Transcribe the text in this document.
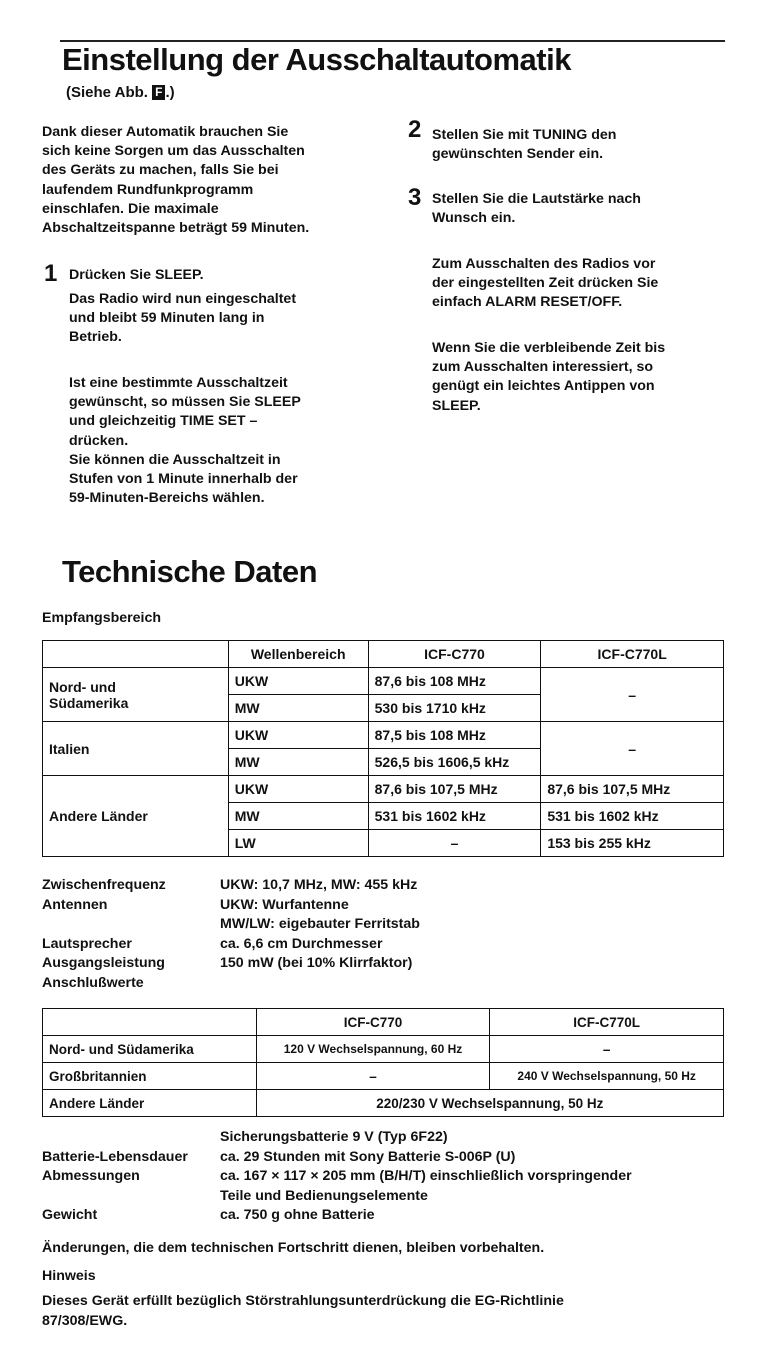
Einstellung der Ausschaltautomatik
(Siehe Abb. F .)
Dank dieser Automatik brauchen Sie
sich keine Sorgen um das Ausschalten
des Geräts zu machen, falls Sie bei
laufendem Rundfunkprogramm
einschlafen. Die maximale
Abschaltzeitspanne beträgt 59 Minuten.
1 Drücken Sie SLEEP.
Das Radio wird nun eingeschaltet
und bleibt 59 Minuten lang in
Betrieb.
Ist eine bestimmte Ausschaltzeit
gewünscht, so müssen Sie SLEEP
und gleichzeitig TIME SET –
drücken.
Sie können die Ausschaltzeit in
Stufen von 1 Minute innerhalb der
59-Minuten-Bereichs wählen.
2 Stellen Sie mit TUNING den
gewünschten Sender ein.
3 Stellen Sie die Lautstärke nach
Wunsch ein.
Zum Ausschalten des Radios vor
der eingestellten Zeit drücken Sie
einfach ALARM RESET/OFF.
Wenn Sie die verbleibende Zeit bis
zum Ausschalten interessiert, so
genügt ein leichtes Antippen von
SLEEP.
Technische Daten
Empfangsbereich
	Wellenbereich	ICF-C770	ICF-C770L

Nord- und
Südamerika	UKW	87,6 bis 108 MHz	–
	MW	530 bis 1710 kHz	
Italien	UKW	87,5 bis 108 MHz	–
	MW	526,5 bis 1606,5 kHz	
Andere Länder	UKW	87,6 bis 107,5 MHz	87,6 bis 107,5 MHz
	MW	531 bis 1602 kHz	531 bis 1602 kHz
	LW	–	153 bis 255 kHz
Zwischenfrequenz	UKW: 10,7 MHz, MW: 455 kHz
Antennen	UKW: Wurfantenne
MW/LW: eigebauter Ferritstab
Lautsprecher	ca. 6,6 cm Durchmesser
Ausgangsleistung	150 mW (bei 10% Klirrfaktor)
Anschlußwerte
	ICF-C770	ICF-C770L
Nord- und Südamerika	120 V Wechselspannung, 60 Hz	–
Großbritannien	–	240 V Wechselspannung, 50 Hz
Andere Länder	220/230 V Wechselspannung, 50 Hz	
Sicherungsbatterie 9 V (Typ 6F22)
Batterie-Lebensdauer ca. 29 Stunden mit Sony Batterie S-006P (U)
Abmessungen	ca. 167 × 117 × 205 mm (B/H/T) einschließlich vorspringender
Teile und Bedienungselemente
Gewicht	ca. 750 g ohne Batterie
Änderungen, die dem technischen Fortschritt dienen, bleiben vorbehalten.
Hinweis
Dieses Gerät erfüllt bezüglich Störstrahlungsunterdrückung die EG-Richtlinie
87/308/EWG.
